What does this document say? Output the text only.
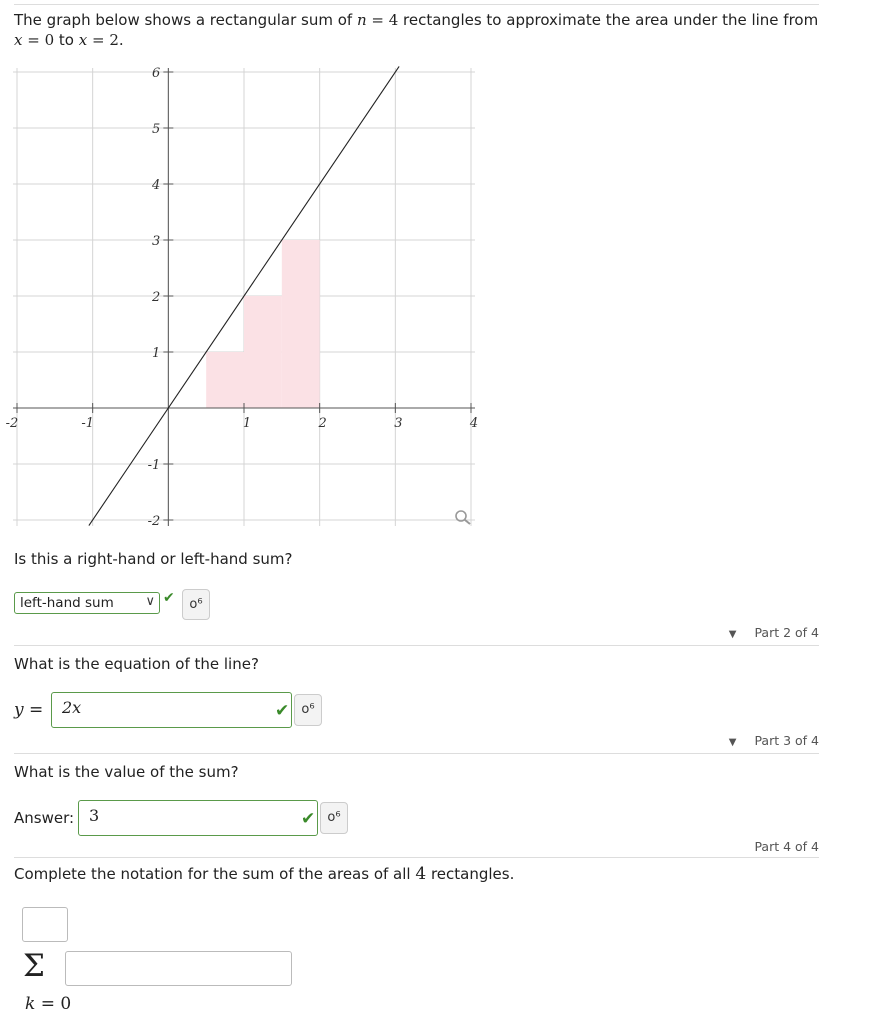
The graph below shows a rectangular sum of n = 4 rectangles to approximate the area under the line from
x = 0 to x = 2.
-2	-1	1	2	3	4
-2
-1
1
2
3
4
5
6
Is this a right-hand or left-hand sum?
left-hand sum ∨ ✔	o⁶
▼ Part 2 of 4
What is the equation of the line?
y = 2x	✔ o⁶
▼ Part 3 of 4
What is the value of the sum?
Answer: 3	✔ o⁶
Part 4 of 4
Complete the notation for the sum of the areas of all 4 rectangles.
Σ
k = 0
